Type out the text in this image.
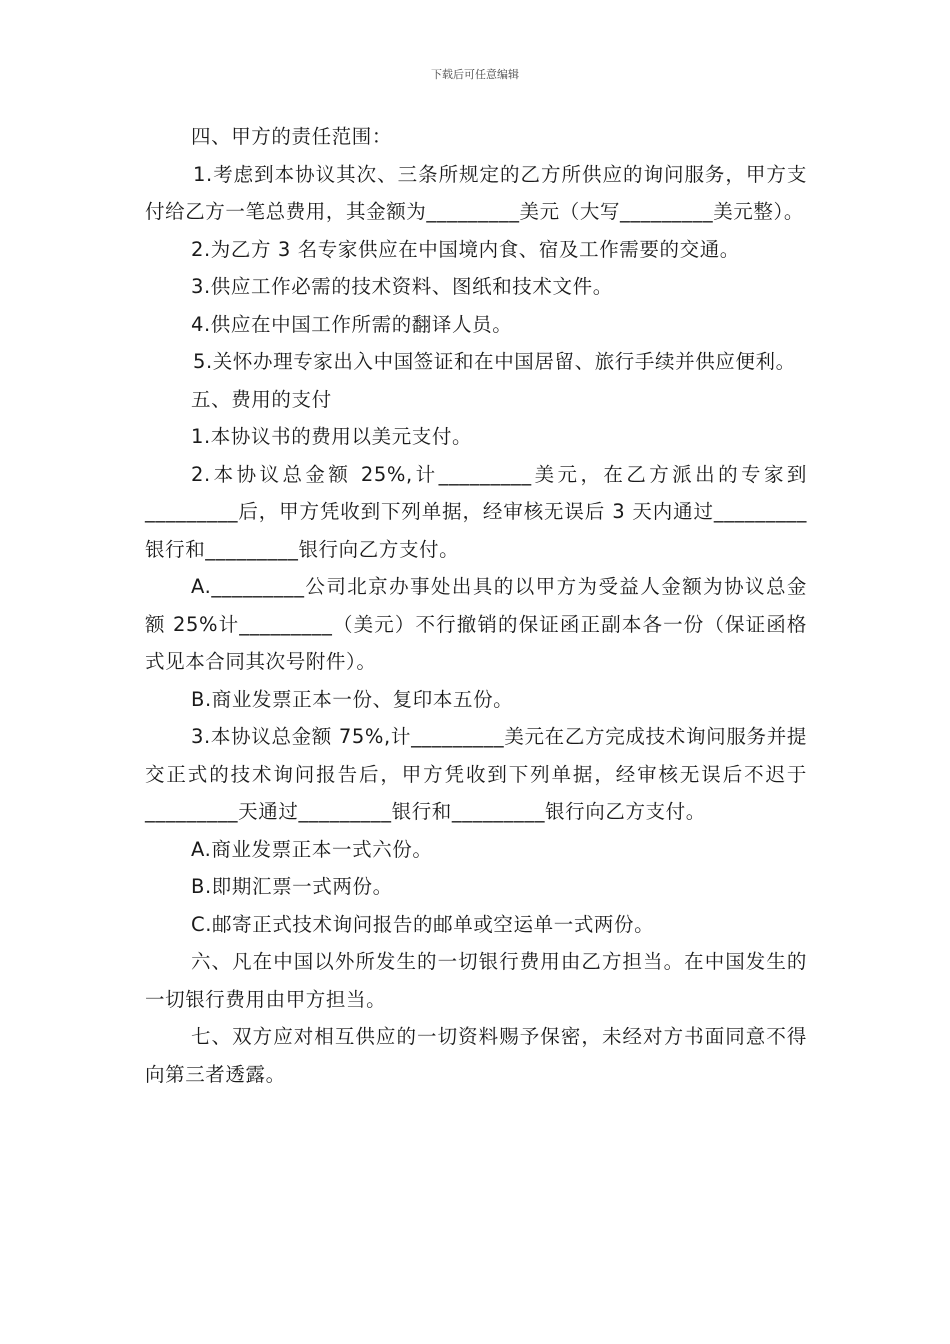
下载后可任意编辑

四、甲方的责任范围：

1.考虑到本协议其次、三条所规定的乙方所供应的询问服务，甲方支付给乙方一笔总费用，其金额为_________美元（大写_________美元整）。

2.为乙方 3 名专家供应在中国境内食、宿及工作需要的交通。

3.供应工作必需的技术资料、图纸和技术文件。

4.供应在中国工作所需的翻译人员。

5.关怀办理专家出入中国签证和在中国居留、旅行手续并供应便利。

五、费用的支付

1.本协议书的费用以美元支付。

2.本协议总金额 25%,计_________美元，在乙方派出的专家到_________后，甲方凭收到下列单据，经审核无误后 3 天内通过_________银行和_________银行向乙方支付。

A._________公司北京办事处出具的以甲方为受益人金额为协议总金额 25%计_________（美元）不行撤销的保证函正副本各一份（保证函格式见本合同其次号附件）。

B.商业发票正本一份、复印本五份。

3.本协议总金额 75%,计_________美元在乙方完成技术询问服务并提交正式的技术询问报告后，甲方凭收到下列单据，经审核无误后不迟于_________天通过_________银行和_________银行向乙方支付。

A.商业发票正本一式六份。

B.即期汇票一式两份。

C.邮寄正式技术询问报告的邮单或空运单一式两份。

六、凡在中国以外所发生的一切银行费用由乙方担当。在中国发生的一切银行费用由甲方担当。

七、双方应对相互供应的一切资料赐予保密，未经对方书面同意不得向第三者透露。
